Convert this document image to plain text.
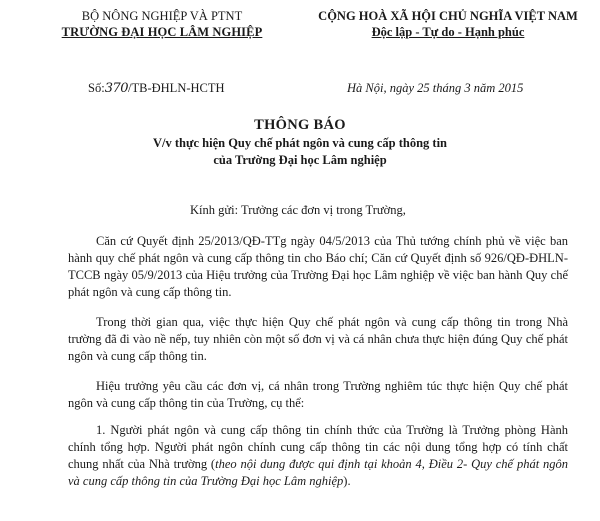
BỘ NÔNG NGHIỆP VÀ PTNT
TRƯỜNG ĐẠI HỌC LÂM NGHIỆP
CỘNG HOÀ XÃ HỘI CHỦ NGHĨA VIỆT NAM
Độc lập - Tự do - Hạnh phúc
Số:370/TB-ĐHLN-HCTH	Hà Nội, ngày 25 tháng 3 năm 2015
THÔNG BÁO
V/v thực hiện Quy chế phát ngôn và cung cấp thông tin
của Trường Đại học Lâm nghiệp
Kính gửi: Trưởng các đơn vị trong Trường,

Căn cứ Quyết định 25/2013/QĐ-TTg ngày 04/5/2013 của Thủ tướng chính phủ về việc ban hành quy chế phát ngôn và cung cấp thông tin cho Báo chí; Căn cứ Quyết định số 926/QĐ-ĐHLN-TCCB ngày 05/9/2013 của Hiệu trưởng của Trường Đại học Lâm nghiệp về việc ban hành Quy chế phát ngôn và cung cấp thông tin.

Trong thời gian qua, việc thực hiện Quy chế phát ngôn và cung cấp thông tin trong Nhà trường đã đi vào nề nếp, tuy nhiên còn một số đơn vị và cá nhân chưa thực hiện đúng Quy chế phát ngôn và cung cấp thông tin.

Hiệu trưởng yêu cầu các đơn vị, cá nhân trong Trường nghiêm túc thực hiện Quy chế phát ngôn và cung cấp thông tin của Trường, cụ thể:

1. Người phát ngôn và cung cấp thông tin chính thức của Trường là Trưởng phòng Hành chính tổng hợp. Người phát ngôn chính cung cấp thông tin các nội dung tổng hợp có tính chất chung nhất của Nhà trường (theo nội dung được qui định tại khoản 4, Điều 2- Quy chế phát ngôn và cung cấp thông tin của Trường Đại học Lâm nghiệp).
